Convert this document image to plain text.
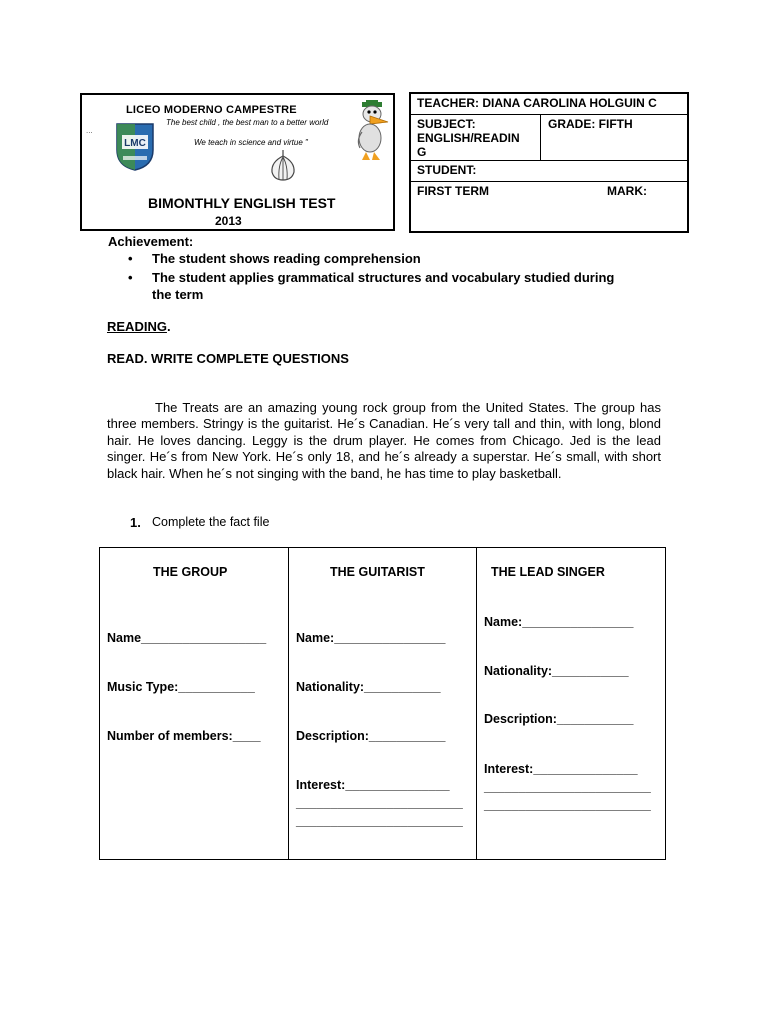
LICEO MODERNO CAMPESTRE
The best child , the best man to a better world
We teach in science and virtue "
...
LMC
BIMONTHLY ENGLISH TEST
2013
TEACHER: DIANA CAROLINA HOLGUIN C
SUBJECT:
ENGLISH/READIN
G
GRADE: FIFTH
STUDENT:
FIRST TERM	MARK:
Achievement:
• The student shows reading comprehension
• The student applies grammatical structures and vocabulary studied during
the term
READING.
READ. WRITE COMPLETE QUESTIONS
The Treats are an amazing young rock group from the United States. The group has three members. Stringy is the guitarist. He´s Canadian. He´s very tall and thin, with long, blond hair. He loves dancing. Leggy is the drum player. He comes from Chicago. Jed is the lead singer. He´s from New York. He´s only 18, and he´s already a superstar. He´s small, with short black hair. When he´s not singing with the band, he has time to play basketball.
1. Complete the fact file
THE GROUP
Name__________________
Music Type:___________
Number of members:____
THE GUITARIST
Name:________________
Nationality:___________
Description:___________
Interest:_______________
________________________
________________________
THE LEAD SINGER
Name:________________
Nationality:___________
Description:___________
Interest:_______________
________________________
________________________
